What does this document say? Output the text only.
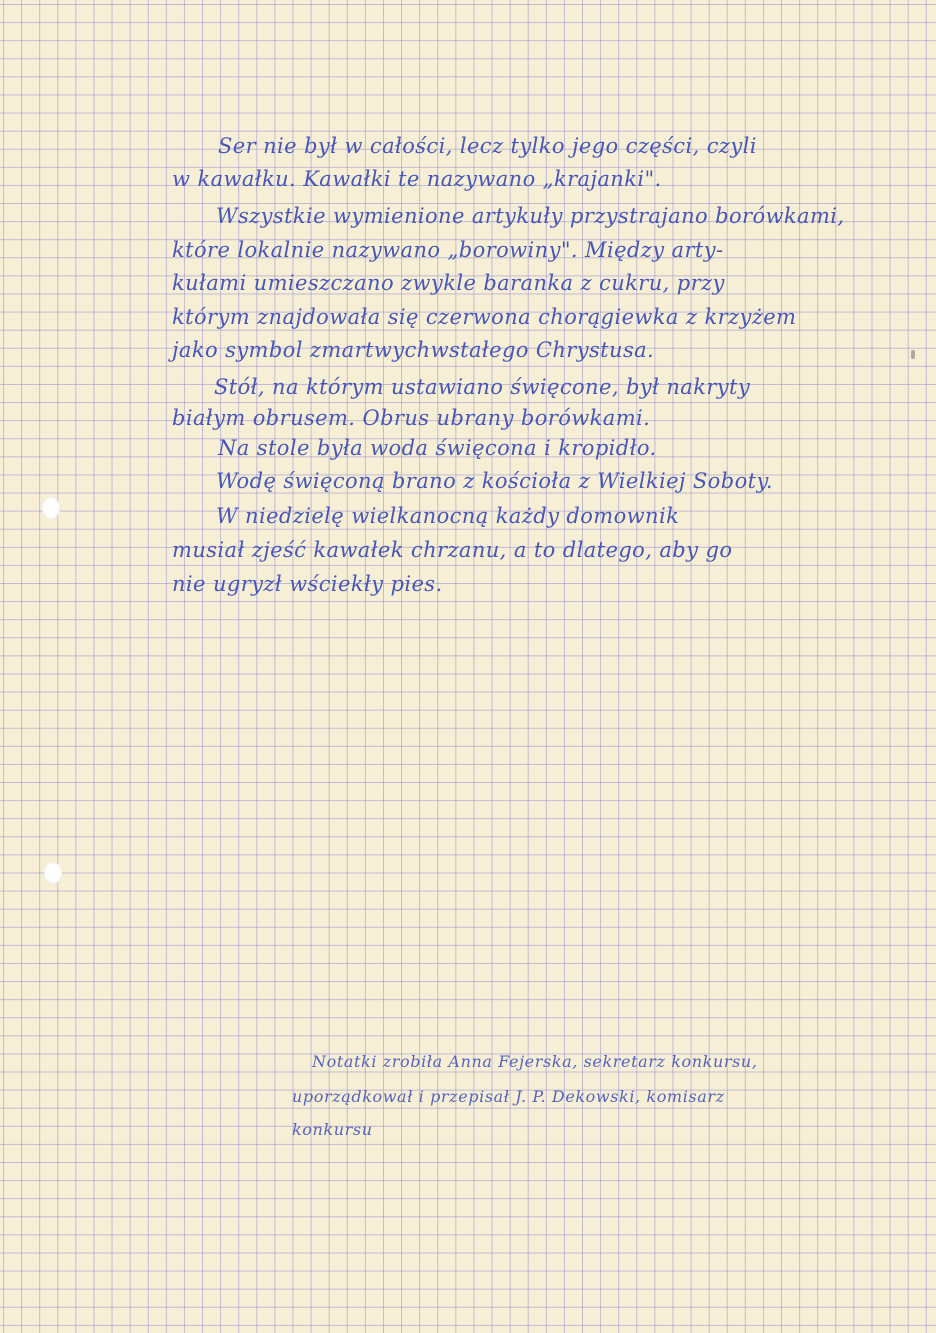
Ser nie był w całości, lecz tylko jego części, czyli

w kawałku. Kawałki te nazywano „krajanki".

Wszystkie wymienione artykuły przystrajano borówkami,

które lokalnie nazywano „borowiny". Między arty-

kułami umieszczano zwykle baranka z cukru, przy

którym znajdowała się czerwona chorągiewka z krzyżem

jako symbol zmartwychwstałego Chrystusa.

Stół, na którym ustawiano święcone, był nakryty

białym obrusem. Obrus ubrany borówkami.

Na stole była woda święcona i kropidło.

Wodę święconą brano z kościoła z Wielkiej Soboty.

W niedzielę wielkanocną każdy domownik

musiał zjeść kawałek chrzanu, a to dlatego, aby go

nie ugryzł wściekły pies.

Notatki zrobiła Anna Fejerska, sekretarz konkursu,

uporządkował i przepisał J. P. Dekowski, komisarz

konkursu
